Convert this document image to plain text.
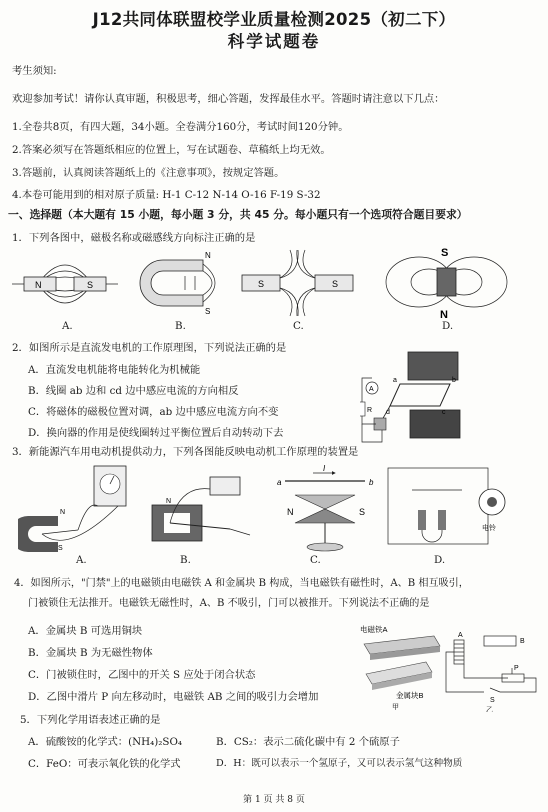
J12共同体联盟校学业质量检测2025（初二下）
科学试题卷
考生须知:
欢迎参加考试！请你认真审题，积极思考，细心答题，发挥最佳水平。答题时请注意以下几点：
1.全卷共8页，有四大题，34小题。全卷满分160分，考试时间120分钟。
2.答案必须写在答题纸相应的位置上，写在试题卷、草稿纸上均无效。
3.答题前，认真阅读答题纸上的《注意事项》，按规定答题。
4.本卷可能用到的相对原子质量: H-1 C-12 N-14 O-16 F-19 S-32
一、选择题（本大题有 15 小题，每小题 3 分，共 45 分。每小题只有一个选项符合题目要求）
1．下列各图中，磁极名称或磁感线方向标注正确的是
N	S
N
S
S	S
S
N
A.	B.	C.	D.
2．如图所示是直流发电机的工作原理图，下列说法正确的是
A．直流发电机能将电能转化为机械能
B．线圈 ab 边和 cd 边中感应电流的方向相反
C．将磁体的磁极位置对调，ab 边中感应电流方向不变
D．换向器的作用是使线圈转过平衡位置后自动转动下去
A
R
a	b
c
d
3．新能源汽车用电动机提供动力，下列各图能反映电动机工作原理的装置是
N
S
N
I
a	b
N	S
电铃
A.	B.	C.	D.
4．如图所示，"门禁"上的电磁锁由电磁铁 A 和金属块 B 构成，当电磁铁有磁性时，A、B 相互吸引，
门被锁住无法推开。电磁铁无磁性时，A、B 不吸引，门可以被推开。下列说法不正确的是
A．金属块 B 可选用铜块
B．金属块 B 为无磁性物体
C．门被锁住时，乙图中的开关 S 应处于闭合状态
D．乙图中滑片 P 向左移动时，电磁铁 AB 之间的吸引力会增加
电磁铁A
金属块B
甲
A
B
S
P
乙
5．下列化学用语表述正确的是
A．硫酸铵的化学式：(NH₄)₂SO₄	B．CS₂：表示二硫化碳中有 2 个硫原子
C．FeO：可表示氧化铁的化学式	D．H：既可以表示一个氢原子，又可以表示氢气这种物质
第 1 页 共 8 页
